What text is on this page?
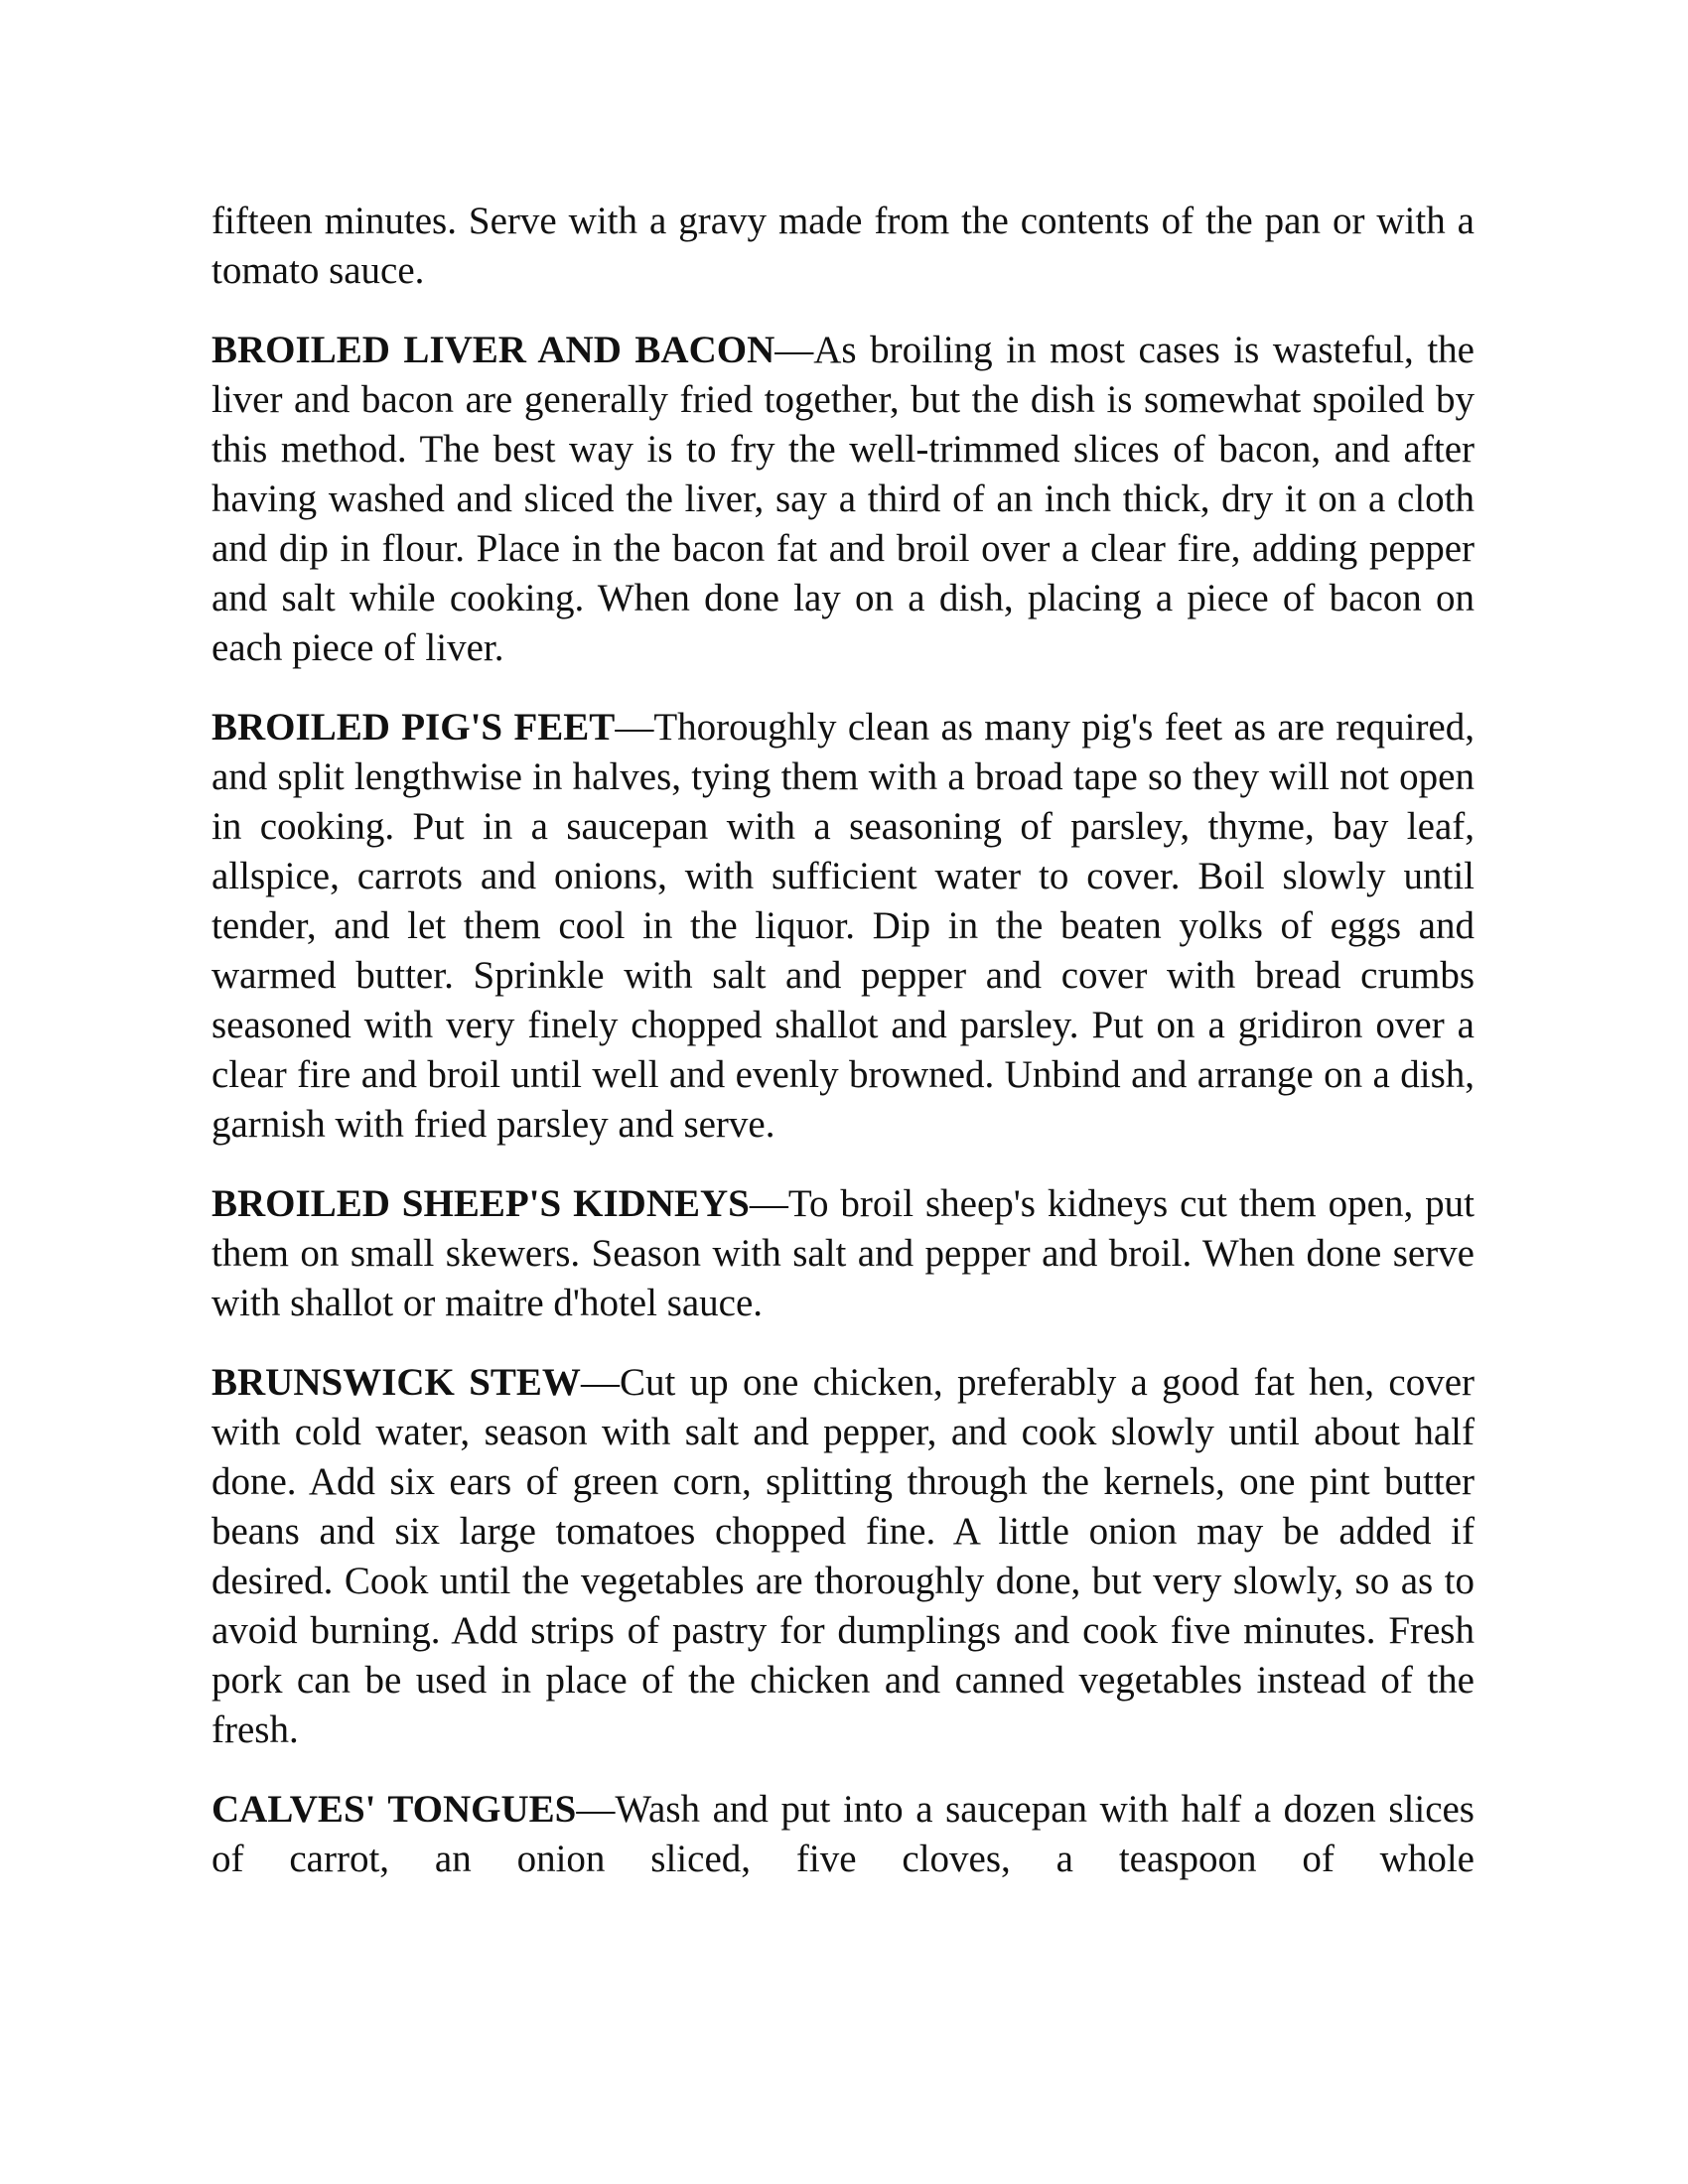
fifteen minutes. Serve with a gravy made from the contents of the pan or with a tomato sauce.

BROILED LIVER AND BACON—As broiling in most cases is wasteful, the liver and bacon are generally fried together, but the dish is somewhat spoiled by this method. The best way is to fry the well-trimmed slices of bacon, and after having washed and sliced the liver, say a third of an inch thick, dry it on a cloth and dip in flour. Place in the bacon fat and broil over a clear fire, adding pepper and salt while cooking. When done lay on a dish, placing a piece of bacon on each piece of liver.

BROILED PIG'S FEET—Thoroughly clean as many pig's feet as are required, and split lengthwise in halves, tying them with a broad tape so they will not open in cooking. Put in a saucepan with a seasoning of parsley, thyme, bay leaf, allspice, carrots and onions, with sufficient water to cover. Boil slowly until tender, and let them cool in the liquor. Dip in the beaten yolks of eggs and warmed butter. Sprinkle with salt and pepper and cover with bread crumbs seasoned with very finely chopped shallot and parsley. Put on a gridiron over a clear fire and broil until well and evenly browned. Unbind and arrange on a dish, garnish with fried parsley and serve.

BROILED SHEEP'S KIDNEYS—To broil sheep's kidneys cut them open, put them on small skewers. Season with salt and pepper and broil. When done serve with shallot or maitre d'hotel sauce.

BRUNSWICK STEW—Cut up one chicken, preferably a good fat hen, cover with cold water, season with salt and pepper, and cook slowly until about half done. Add six ears of green corn, splitting through the kernels, one pint butter beans and six large tomatoes chopped fine. A little onion may be added if desired. Cook until the vegetables are thoroughly done, but very slowly, so as to avoid burning. Add strips of pastry for dumplings and cook five minutes. Fresh pork can be used in place of the chicken and canned vegetables instead of the fresh.

CALVES' TONGUES—Wash and put into a saucepan with half a dozen slices of carrot, an onion sliced, five cloves, a teaspoon of whole
